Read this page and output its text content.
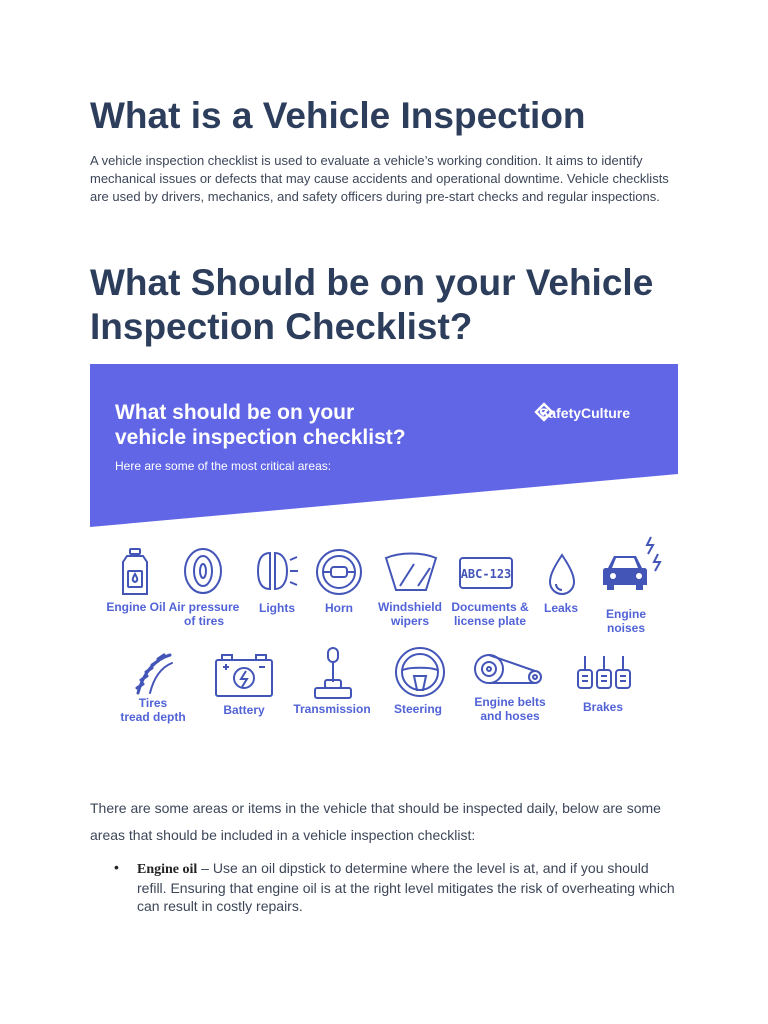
What is a Vehicle Inspection

A vehicle inspection checklist is used to evaluate a vehicle’s working condition. It aims to identify mechanical issues or defects that may cause accidents and operational downtime. Vehicle checklists are used by drivers, mechanics, and safety officers during pre-start checks and regular inspections.

What Should be on your Vehicle Inspection Checklist?
What should be on your
vehicle inspection checklist?
Here are some of the most critical areas:
SafetyCulture
ABC-123
Engine Oil Air pressure
of tires
Lights	Horn	Windshield
wipers
Documents &
license plate
Leaks	Engine
noises
Tires
tread depth	Battery	Transmission	Steering	Engine belts
and hoses
Brakes

There are some areas or items in the vehicle that should be inspected daily, below are some areas that should be included in a vehicle inspection checklist:

• Engine oil – Use an oil dipstick to determine where the level is at, and if you should refill. Ensuring that engine oil is at the right level mitigates the risk of overheating which can result in costly repairs.
